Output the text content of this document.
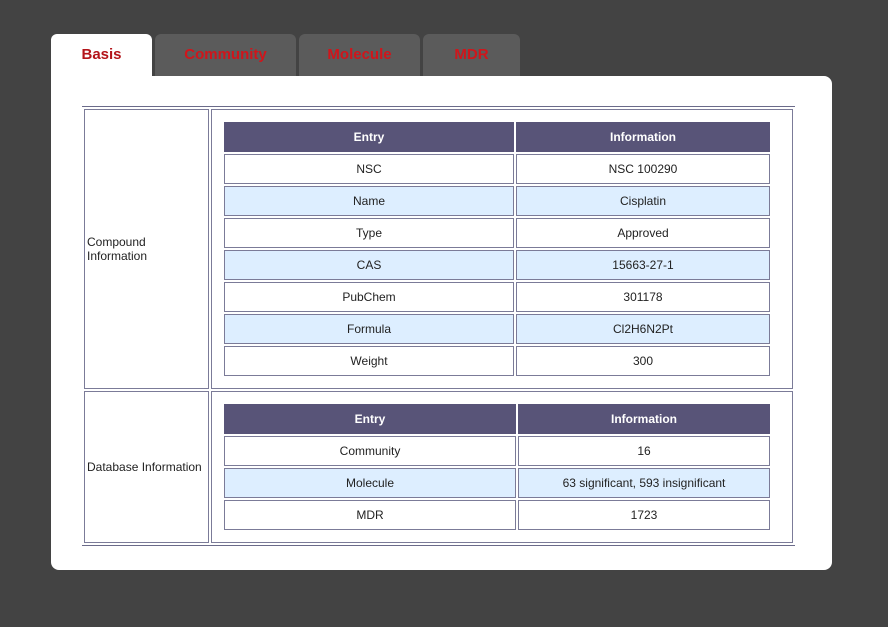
Basis	Community	Molecule	MDR
Compound Information	
Entry	Information
NSC	NSC 100290
Name	Cisplatin
Type	Approved
CAS	15663-27-1
PubChem	301178
Formula	Cl2H6N2Pt
Weight	300

Database Information	
Entry	Information
Community	16
Molecule	63 significant, 593 insignificant
MDR	1723
